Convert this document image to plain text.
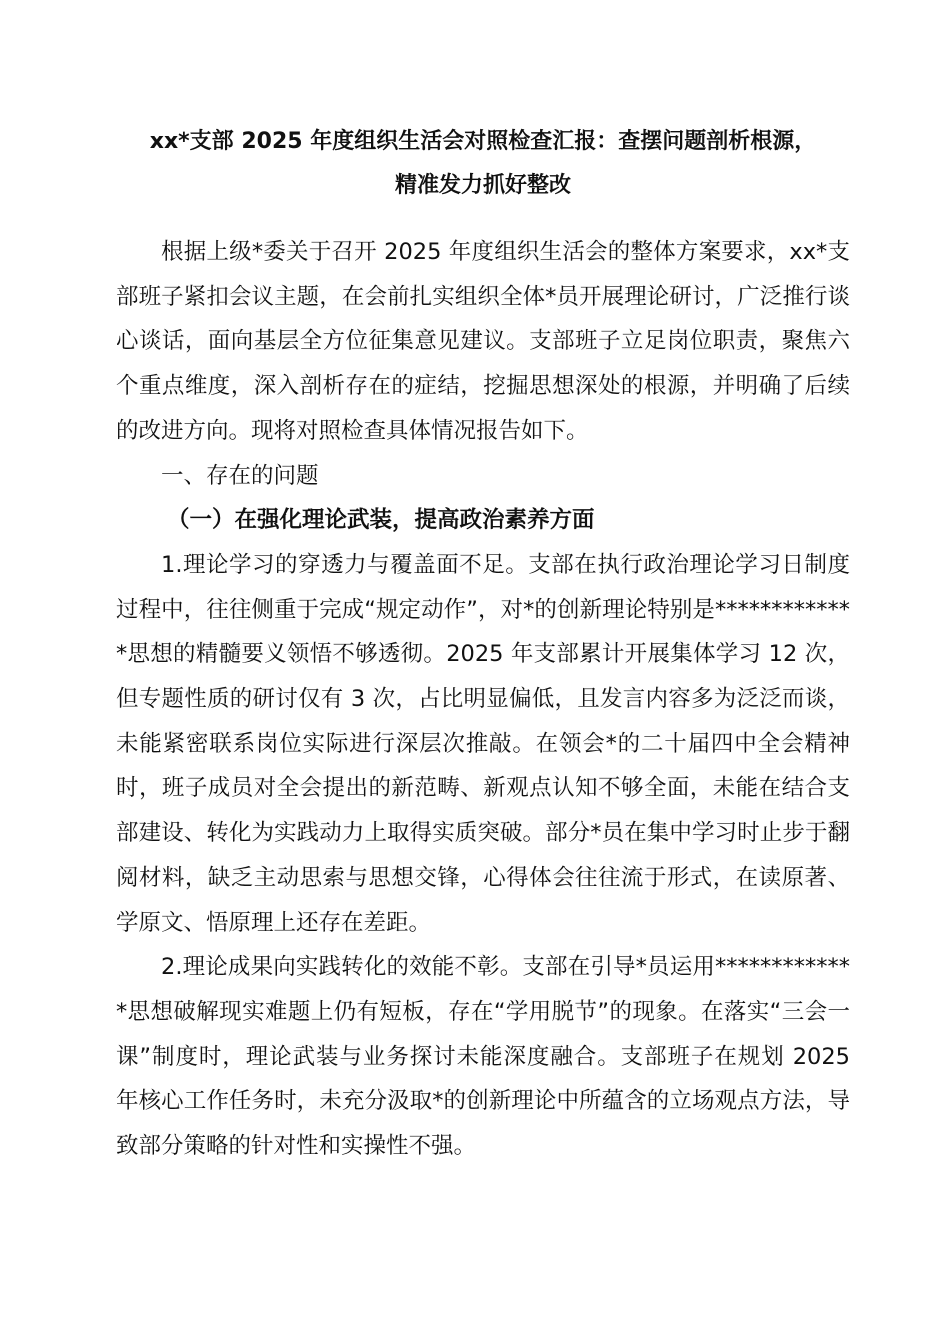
xx*支部 2025 年度组织生活会对照检查汇报：查摆问题剖析根源，
精准发力抓好整改

根据上级*委关于召开 2025 年度组织生活会的整体方案要求，xx*支部班子紧扣会议主题，在会前扎实组织全体*员开展理论研讨，广泛推行谈心谈话，面向基层全方位征集意见建议。支部班子立足岗位职责，聚焦六个重点维度，深入剖析存在的症结，挖掘思想深处的根源，并明确了后续的改进方向。现将对照检查具体情况报告如下。

一、存在的问题

（一）在强化理论武装，提高政治素养方面

1.理论学习的穿透力与覆盖面不足。支部在执行政治理论学习日制度过程中，往往侧重于完成“规定动作”，对*的创新理论特别是*************思想的精髓要义领悟不够透彻。2025 年支部累计开展集体学习 12 次，但专题性质的研讨仅有 3 次，占比明显偏低，且发言内容多为泛泛而谈，未能紧密联系岗位实际进行深层次推敲。在领会*的二十届四中全会精神时，班子成员对全会提出的新范畴、新观点认知不够全面，未能在结合支部建设、转化为实践动力上取得实质突破。部分*员在集中学习时止步于翻阅材料，缺乏主动思索与思想交锋，心得体会往往流于形式，在读原著、学原文、悟原理上还存在差距。

2.理论成果向实践转化的效能不彰。支部在引导*员运用*************思想破解现实难题上仍有短板，存在“学用脱节”的现象。在落实“三会一课”制度时，理论武装与业务探讨未能深度融合。支部班子在规划 2025 年核心工作任务时，未充分汲取*的创新理论中所蕴含的立场观点方法，导致部分策略的针对性和实操性不强。
